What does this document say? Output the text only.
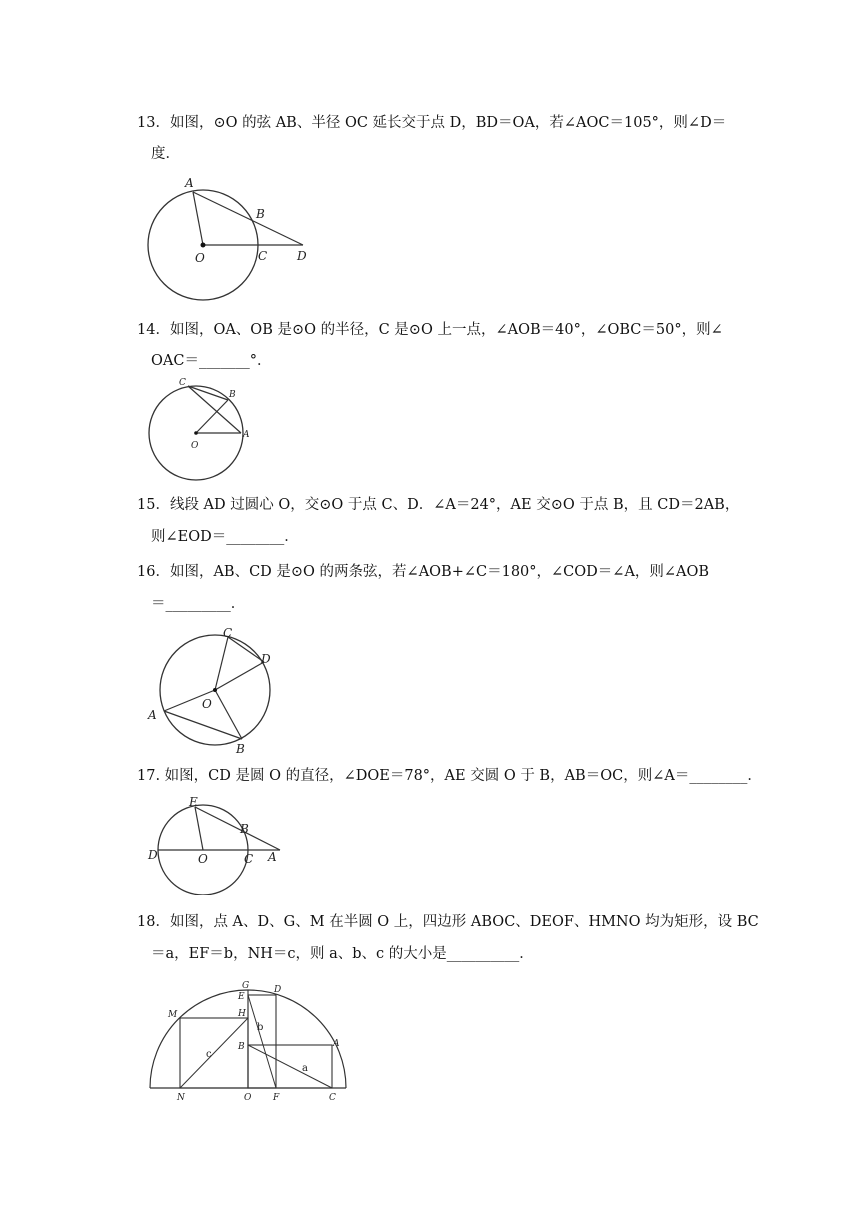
13．如图，⊙O 的弦 AB、半径 OC 延长交于点 D，BD＝OA，若∠AOC＝105°，则∠D＝
度．
A
B
O	C D
14．如图，OA、OB 是⊙O 的半径，C 是⊙O 上一点，∠AOB＝40°，∠OBC＝50°，则∠
OAC＝_______°．
C
B
O
A
15．线段 AD 过圆心 O，交⊙O 于点 C、D．∠A＝24°，AE 交⊙O 于点 B，且 CD＝2AB，
则∠EOD＝________．
16．如图，AB、CD 是⊙O 的两条弦，若∠AOB+∠C＝180°，∠COD＝∠A，则∠AOB
＝_________．
C
D
O
A
B
17. 如图，CD 是圆 O 的直径，∠DOE＝78°，AE 交圆 O 于 B，AB＝OC，则∠A＝________．
E
B
D	O	C A
18．如图，点 A、D、G、M 在半圆 O 上，四边形 ABOC、DEOF、HMNO 均为矩形，设 BC
＝a，EF＝b，NH＝c，则 a、b、c 的大小是__________．
G	D
E
M	H
B	A
N	O F	C
a
b
c
